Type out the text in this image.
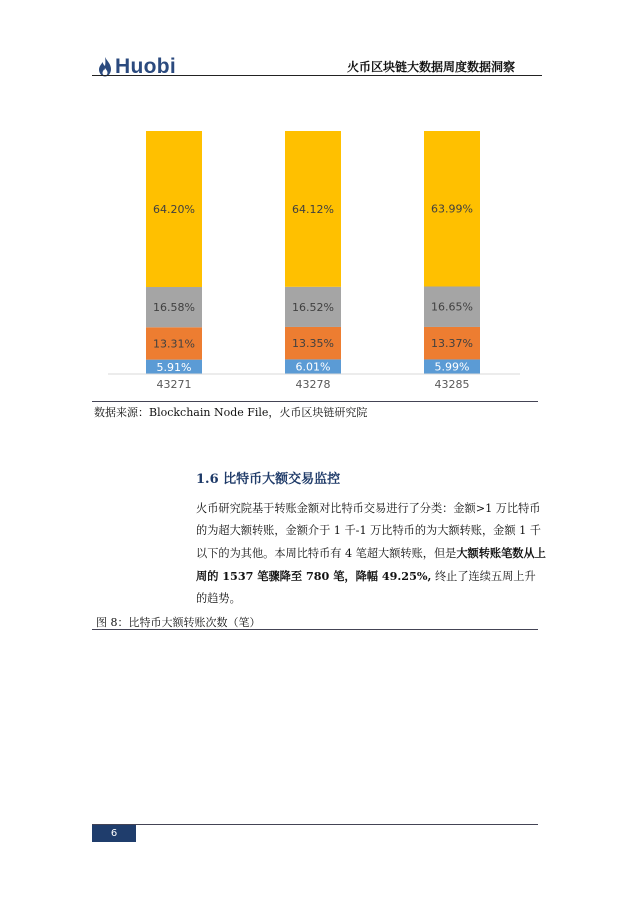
Huobi	火币区块链大数据周度数据洞察
5.91%
13.31%
16.58%
64.20%
43271
6.01%
13.35%
16.52%
64.12%
43278
5.99%
13.37%
16.65%
63.99%
43285
数据来源：Blockchain Node File，火币区块链研究院
1.6 比特币大额交易监控
火币研究院基于转账金额对比特币交易进行了分类：金额>1 万比特币的为超大额转账，金额介于 1 千-1 万比特币的为大额转账，金额 1 千以下的为其他。本周比特币有 4 笔超大额转账，但是大额转账笔数从上周的 1537 笔骤降至 780 笔，降幅 49.25%, 终止了连续五周上升的趋势。
图 8：比特币大额转账次数（笔）
6
